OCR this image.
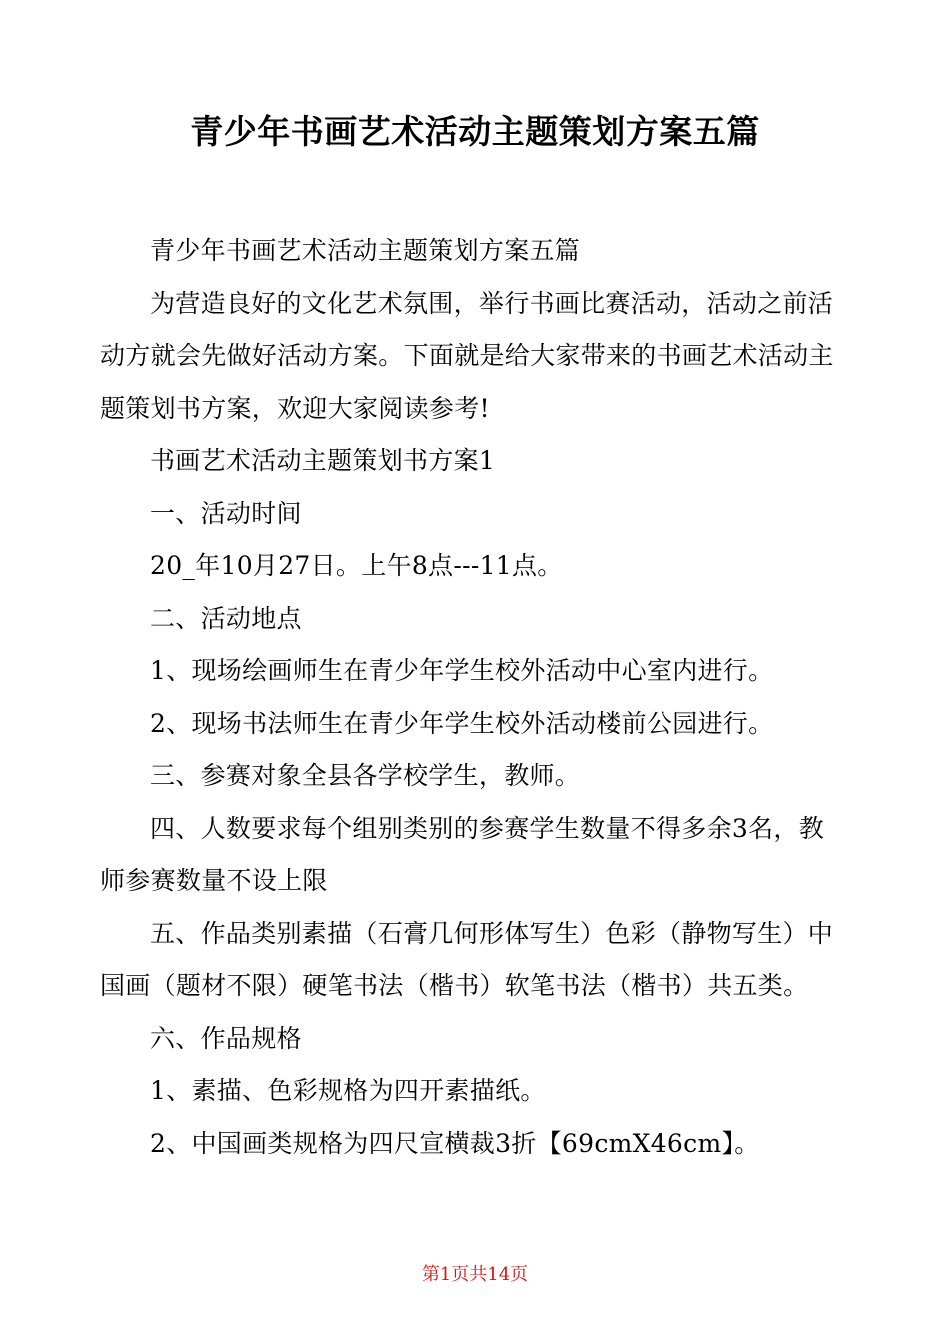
青少年书画艺术活动主题策划方案五篇

青少年书画艺术活动主题策划方案五篇

为营造良好的文化艺术氛围，举行书画比赛活动，活动之前活动方就会先做好活动方案。下面就是给大家带来的书画艺术活动主题策划书方案，欢迎大家阅读参考!

书画艺术活动主题策划书方案1

一、活动时间

20_年10月27日。上午8点---11点。

二、活动地点

1、现场绘画师生在青少年学生校外活动中心室内进行。

2、现场书法师生在青少年学生校外活动楼前公园进行。

三、参赛对象全县各学校学生，教师。

四、人数要求每个组别类别的参赛学生数量不得多余3名，教师参赛数量不设上限

五、作品类别素描（石膏几何形体写生）色彩（静物写生）中国画（题材不限）硬笔书法（楷书）软笔书法（楷书）共五类。

六、作品规格

1、素描、色彩规格为四开素描纸。

2、中国画类规格为四尺宣横裁3折【69cmX46cm】。

第1页共14页
